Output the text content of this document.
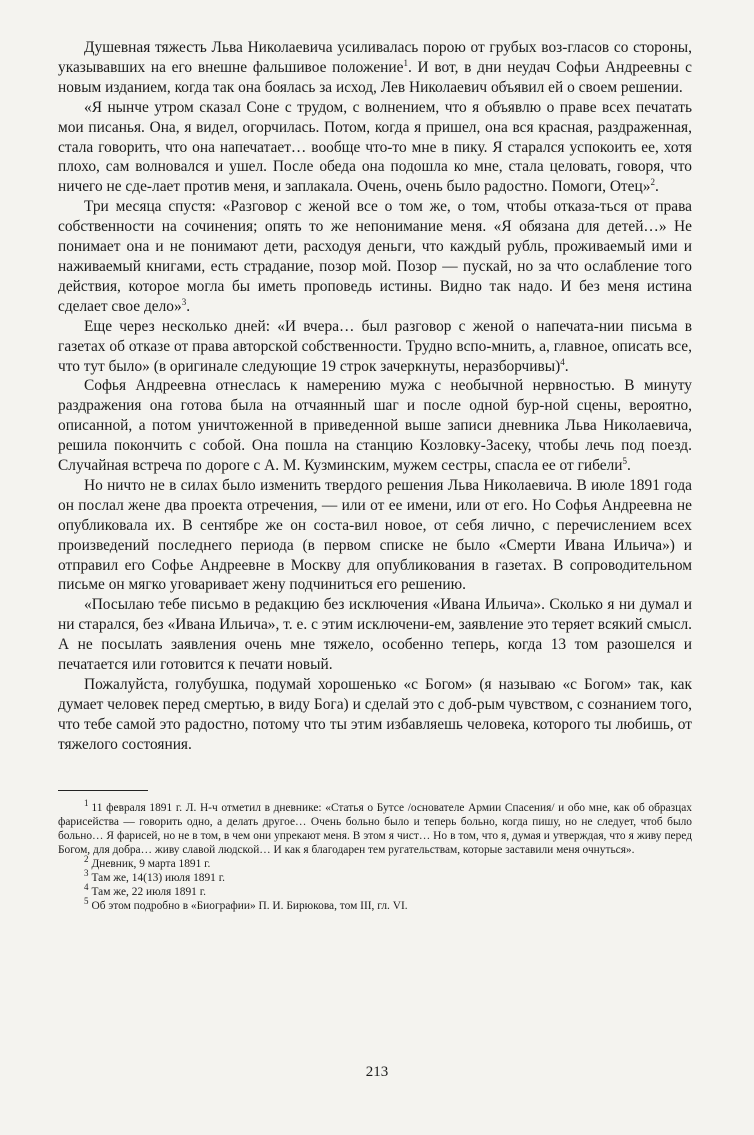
Душевная тяжесть Льва Николаевича усиливалась порою от грубых воз-гласов со стороны, указывавших на его внешне фальшивое положение$^1$. И вот, в дни неудач Софьи Андреевны с новым изданием, когда так она боялась за исход, Лев Николаевич объявил ей о своем решении.

«Я нынче утром сказал Соне с трудом, с волнением, что я объявлю о праве всех печатать мои писанья. Она, я видел, огорчилась. Потом, когда я пришел, она вся красная, раздраженная, стала говорить, что она напечатает… вообще что-то мне в пику. Я старался успокоить ее, хотя плохо, сам волновался и ушел. После обеда она подошла ко мне, стала целовать, говоря, что ничего не сде-лает против меня, и заплакала. Очень, очень было радостно. Помоги, Отец»$^2$.

Три месяца спустя: «Разговор с женой все о том же, о том, чтобы отказа-ться от права собственности на сочинения; опять то же непонимание меня. «Я обязана для детей…» Не понимает она и не понимают дети, расходуя деньги, что каждый рубль, проживаемый ими и наживаемый книгами, есть страдание, позор мой. Позор — пускай, но за что ослабление того действия, которое могла бы иметь проповедь истины. Видно так надо. И без меня истина сделает свое дело»$^3$.

Еще через несколько дней: «И вчера… был разговор с женой о напечата-нии письма в газетах об отказе от права авторской собственности. Трудно вспо-мнить, а, главное, описать все, что тут было» (в оригинале следующие 19 строк зачеркнуты, неразборчивы)$^4$.

Софья Андреевна отнеслась к намерению мужа с необычной нервностью. В минуту раздражения она готова была на отчаянный шаг и после одной бур-ной сцены, вероятно, описанной, а потом уничтоженной в приведенной выше записи дневника Льва Николаевича, решила покончить с собой. Она пошла на станцию Козловку-Засеку, чтобы лечь под поезд. Случайная встреча по дороге с А. М. Кузминским, мужем сестры, спасла ее от гибели$^5$.

Но ничто не в силах было изменить твердого решения Льва Николаевича. В июле 1891 года он послал жене два проекта отречения, — или от ее имени, или от его. Но Софья Андреевна не опубликовала их. В сентябре же он соста-вил новое, от себя лично, с перечислением всех произведений последнего периода (в первом списке не было «Смерти Ивана Ильича») и отправил его Софье Андреевне в Москву для опубликования в газетах. В сопроводительном письме он мягко уговаривает жену подчиниться его решению.

«Посылаю тебе письмо в редакцию без исключения «Ивана Ильича». Сколько я ни думал и ни старался, без «Ивана Ильича», т. е. с этим исключени-ем, заявление это теряет всякий смысл. А не посылать заявления очень мне тяжело, особенно теперь, когда 13 том разошелся и печатается или готовится к печати новый.

Пожалуйста, голубушка, подумай хорошенько «с Богом» (я называю «с Богом» так, как думает человек перед смертью, в виду Бога) и сделай это с доб-рым чувством, с сознанием того, что тебе самой это радостно, потому что ты этим избавляешь человека, которого ты любишь, от тяжелого состояния.

$^1$ 11 февраля 1891 г. Л. Н-ч отметил в дневнике: «Статья о Бутсе /основателе Армии Спасения/ и обо мне, как об образцах фарисейства — говорить одно, а делать другое… Очень больно было и теперь больно, когда пишу, но не следует, чтоб было больно… Я фарисей, но не в том, в чем они упрекают меня. В этом я чист… Но в том, что я, думая и утверждая, что я живу перед Богом, для добра… живу славой людской… И как я благодарен тем ругательствам, которые заставили меня очнуться».

$^2$ Дневник, 9 марта 1891 г.

$^3$ Там же, 14(13) июля 1891 г.

$^4$ Там же, 22 июля 1891 г.

$^5$ Об этом подробно в «Биографии» П. И. Бирюкова, том III, гл. VI.

213
